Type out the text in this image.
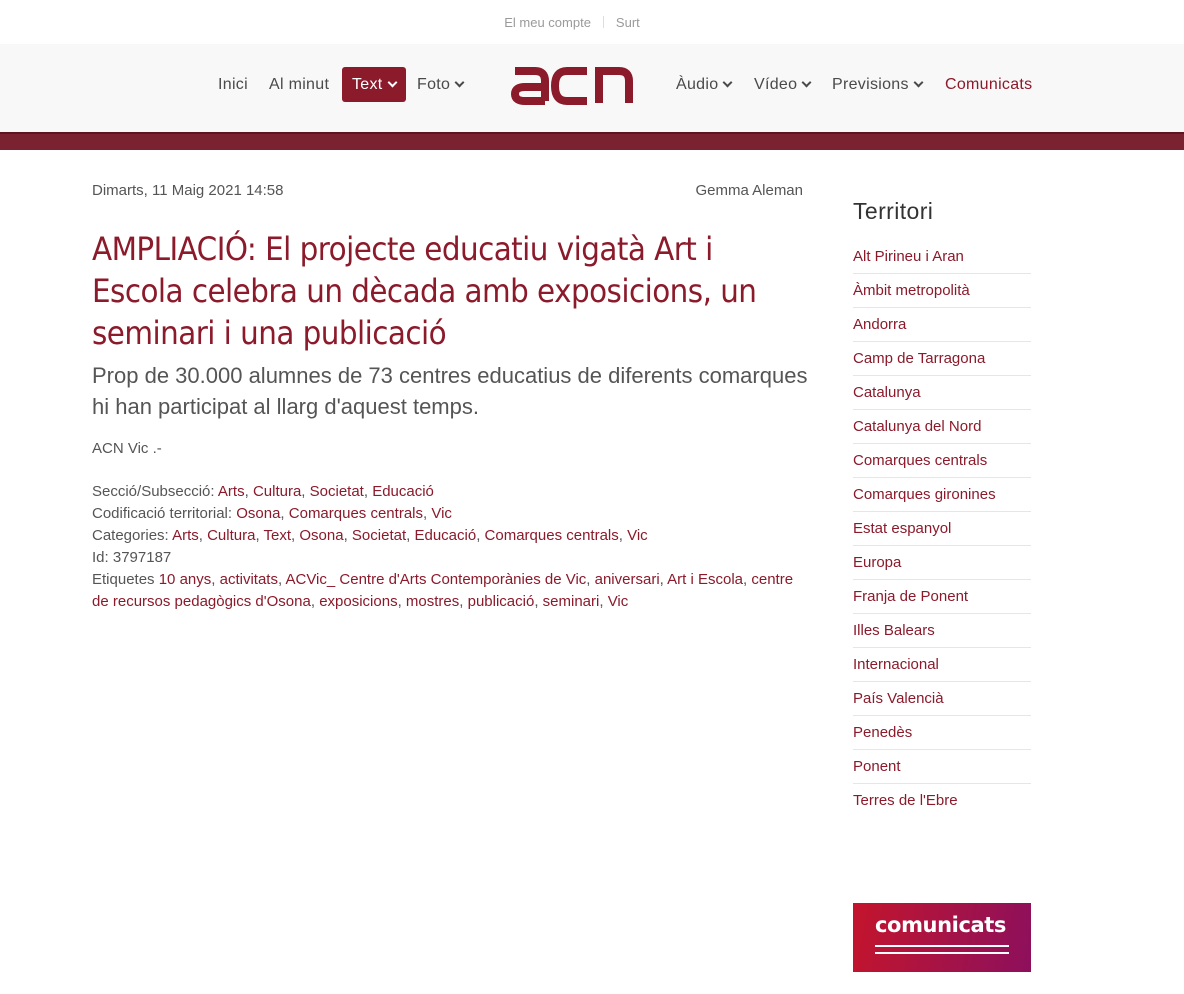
El meu compte Surt
Inici Al minut	Text	Foto	Àudio	Vídeo	Previsions	Comunicats
Dimarts, 11 Maig 2021 14:58	Gemma Aleman
AMPLIACIÓ: El projecte educatiu vigatà Art i Escola celebra un dècada amb exposicions, un seminari i una publicació
Prop de 30.000 alumnes de 73 centres educatius de diferents comarques hi han participat al llarg d'aquest temps.
ACN Vic .-
Secció/Subsecció: Arts, Cultura, Societat, Educació
Codificació territorial: Osona, Comarques centrals, Vic
Categories: Arts, Cultura, Text, Osona, Societat, Educació, Comarques centrals, Vic
Id: 3797187
Etiquetes 10 anys, activitats, ACVic_ Centre d'Arts Contemporànies de Vic, aniversari, Art i Escola, centre de recursos pedagògics d'Osona, exposicions, mostres, publicació, seminari, Vic
Territori
Alt Pirineu i Aran
Àmbit metropolità
Andorra
Camp de Tarragona
Catalunya
Catalunya del Nord
Comarques centrals
Comarques gironines
Estat espanyol
Europa
Franja de Ponent
Illes Balears
Internacional
País Valencià
Penedès
Ponent
Terres de l'Ebre
comunicats
